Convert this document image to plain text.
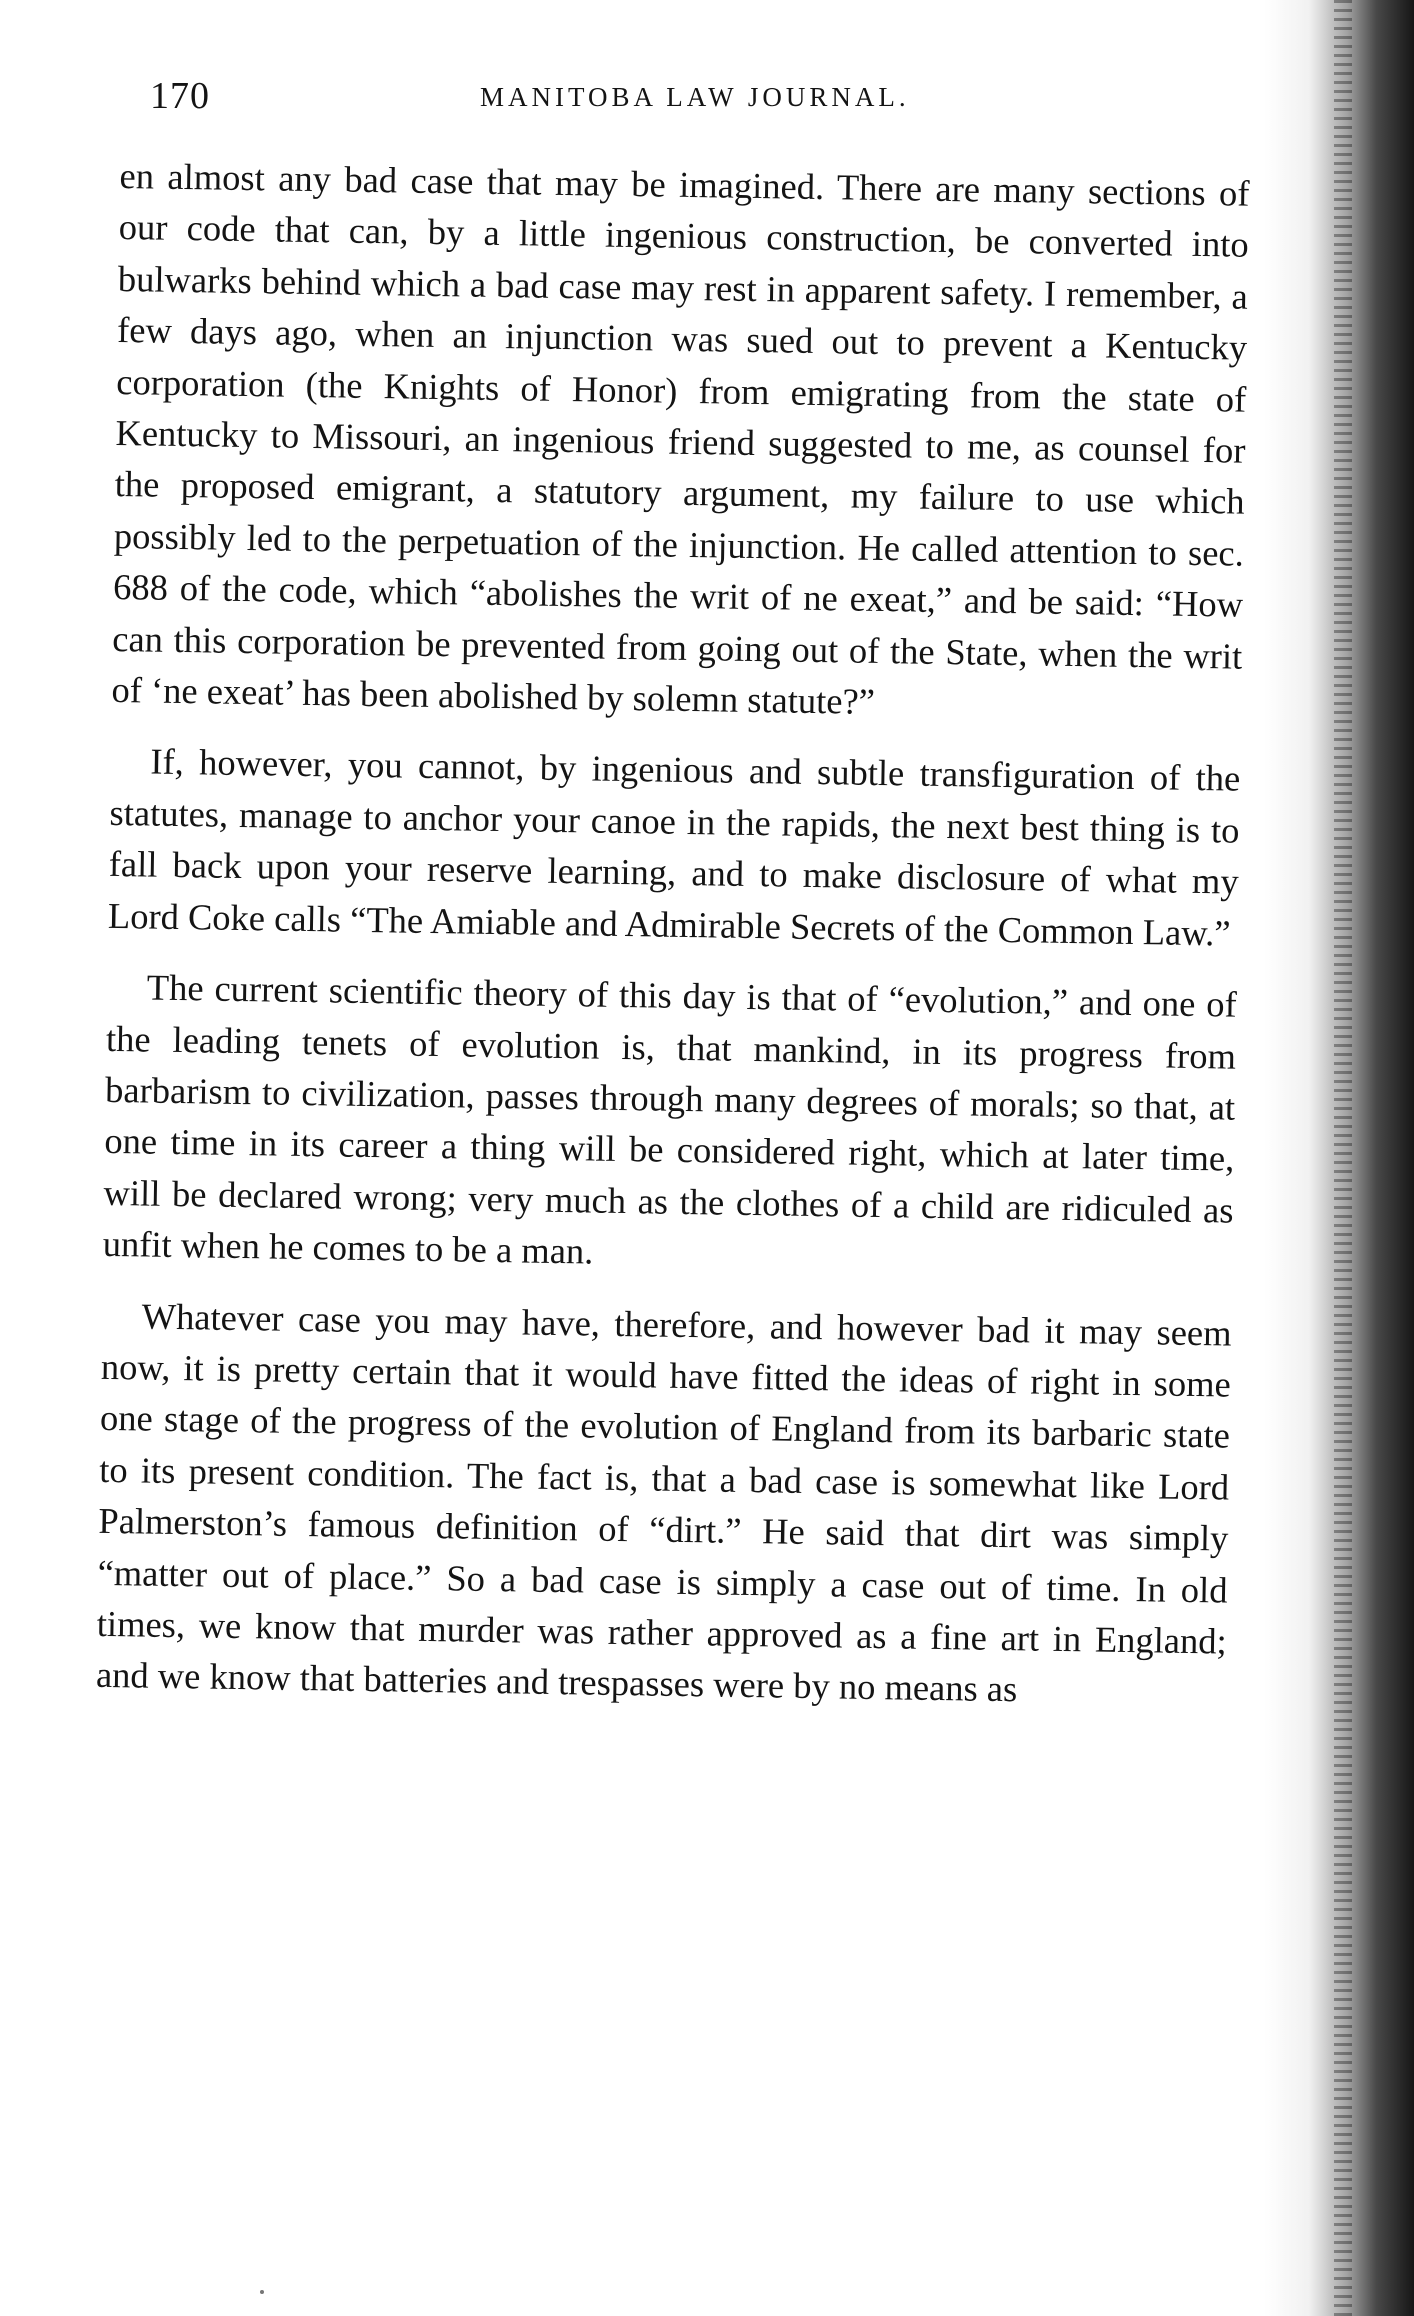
170	MANITOBA LAW JOURNAL.

en almost any bad case that may be imagined. There are many sections of our code that can, by a little ingenious construction, be converted into bulwarks behind which a bad case may rest in apparent safety. I remember, a few days ago, when an injunction was sued out to prevent a Kentucky corporation (the Knights of Honor) from emigrating from the state of Kentucky to Missouri, an ingenious friend suggested to me, as counsel for the proposed emigrant, a statutory argument, my failure to use which possibly led to the perpetuation of the injunction. He called attention to sec. 688 of the code, which “abolishes the writ of ne exeat,” and be said: “How can this corporation be prevented from going out of the State, when the writ of ‘ne exeat’ has been abolished by solemn statute?”

If, however, you cannot, by ingenious and subtle transfiguration of the statutes, manage to anchor your canoe in the rapids, the next best thing is to fall back upon your reserve learning, and to make disclosure of what my Lord Coke calls “The Amiable and Admirable Secrets of the Common Law.”

The current scientific theory of this day is that of “evolution,” and one of the leading tenets of evolution is, that mankind, in its progress from barbarism to civilization, passes through many degrees of morals; so that, at one time in its career a thing will be considered right, which at later time, will be declared wrong; very much as the clothes of a child are ridiculed as unfit when he comes to be a man.

Whatever case you may have, therefore, and however bad it may seem now, it is pretty certain that it would have fitted the ideas of right in some one stage of the progress of the evolution of England from its barbaric state to its present condition. The fact is, that a bad case is somewhat like Lord Palmerston’s famous definition of “dirt.” He said that dirt was simply “matter out of place.” So a bad case is simply a case out of time. In old times, we know that murder was rather approved as a fine art in England; and we know that batteries and trespasses were by no means as
